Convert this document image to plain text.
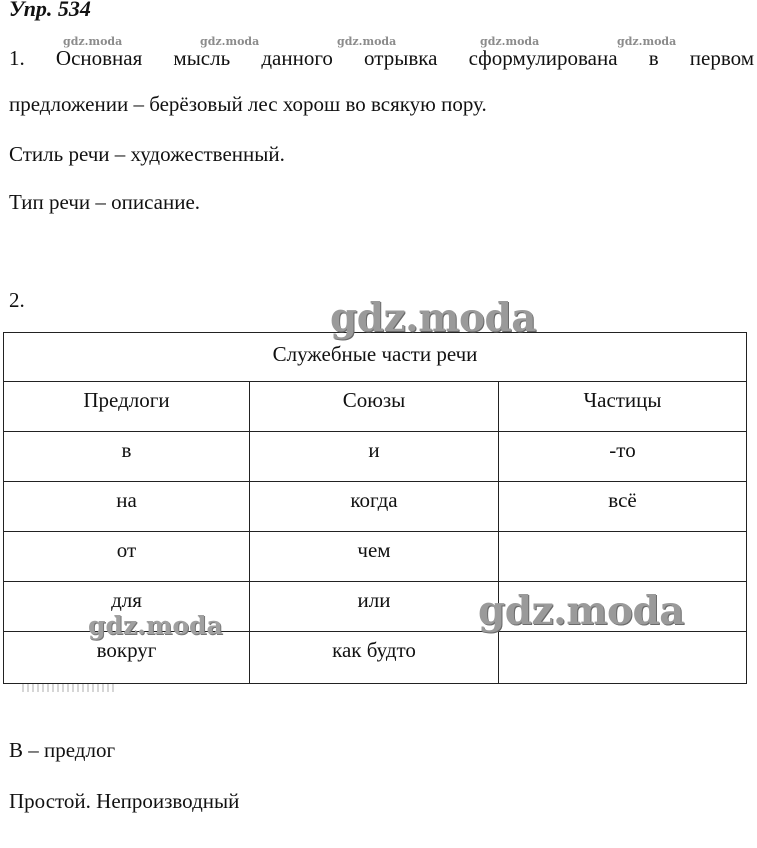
Упр. 534
gdz.moda	gdz.moda	gdz.moda	gdz.moda	gdz.moda
1. Основная мысль данного отрывка сформулирована в первом
предложении – берёзовый лес хорош во всякую пору.
Стиль речи – художественный.
Тип речи – описание.
2.
Служебные части речи
Предлоги	Союзы	Частицы
в	и	-то
на	когда	всё
от	чем
для	или
вокруг	как будто
gdz.moda
gdz.moda
gdz.moda
В – предлог
Простой. Непроизводный
